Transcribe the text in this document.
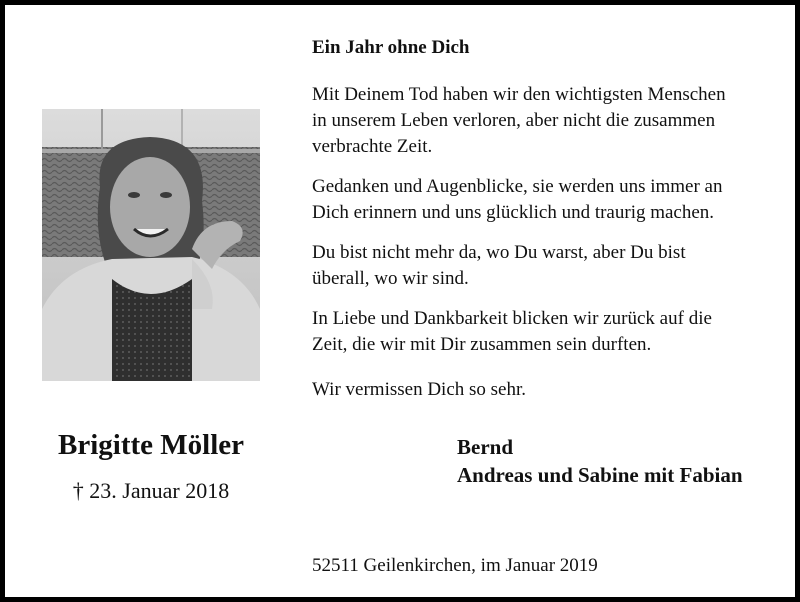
Brigitte Möller
† 23. Januar 2018
Ein Jahr ohne Dich
Mit Deinem Tod haben wir den wichtigsten Menschen
in unserem Leben verloren, aber nicht die zusammen
verbrachte Zeit.
Gedanken und Augenblicke, sie werden uns immer an
Dich erinnern und uns glücklich und traurig machen.
Du bist nicht mehr da, wo Du warst, aber Du bist
überall, wo wir sind.
In Liebe und Dankbarkeit blicken wir zurück auf die
Zeit, die wir mit Dir zusammen sein durften.
Wir vermissen Dich so sehr.
Bernd
Andreas und Sabine mit Fabian
52511 Geilenkirchen, im Januar 2019
